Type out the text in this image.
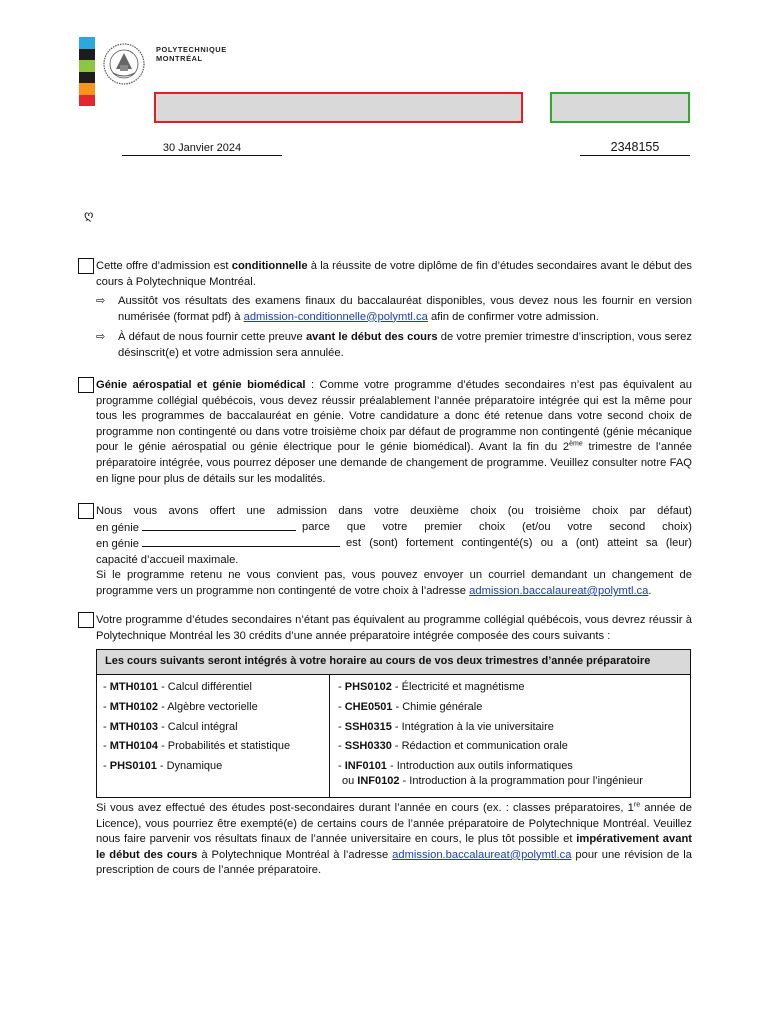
POLYTECHNIQUE
MONTRÉAL
30 Janvier 2024	2348155
ღ
Cette offre d’admission est conditionnelle à la réussite de votre diplôme de fin d’études secondaires avant le début des cours à Polytechnique Montréal.
⇨	Aussitôt vos résultats des examens finaux du baccalauréat disponibles, vous devez nous les fournir en version numérisée (format pdf) à admission-conditionnelle@polymtl.ca afin de confirmer votre admission.
⇨	À défaut de nous fournir cette preuve avant le début des cours de votre premier trimestre d’inscription, vous serez désinscrit(e) et votre admission sera annulée.
Génie aérospatial et génie biomédical : Comme votre programme d’études secondaires n’est pas équivalent au programme collégial québécois, vous devez réussir préalablement l’année préparatoire intégrée qui est la même pour tous les programmes de baccalauréat en génie. Votre candidature a donc été retenue dans votre second choix de programme non contingenté ou dans votre troisième choix par défaut de programme non contingenté (génie mécanique pour le génie aérospatial ou génie électrique pour le génie biomédical). Avant la fin du 2ème trimestre de l’année préparatoire intégrée, vous pourrez déposer une demande de changement de programme. Veuillez consulter notre FAQ en ligne pour plus de détails sur les modalités.
Nous vous avons offert une admission dans votre deuxième choix (ou troisième choix par défaut)
en génie	parce que votre premier choix (et/ou votre second choix)
en génie	est (sont) fortement contingenté(s) ou a (ont) atteint sa (leur)
capacité d’accueil maximale.
Si le programme retenu ne vous convient pas, vous pouvez envoyer un courriel demandant un changement de programme vers un programme non contingenté de votre choix à l’adresse admission.baccalaureat@polymtl.ca.
Votre programme d’études secondaires n’étant pas équivalent au programme collégial québécois, vous devrez réussir à Polytechnique Montréal les 30 crédits d’une année préparatoire intégrée composée des cours suivants :
Les cours suivants seront intégrés à votre horaire au cours de vos deux trimestres d’année préparatoire
- MTH0101 - Calcul différentiel
- MTH0102 - Algèbre vectorielle
- MTH0103 - Calcul intégral
- MTH0104 - Probabilités et statistique
- PHS0101 - Dynamique
- PHS0102 - Électricité et magnétisme
- CHE0501 - Chimie générale
- SSH0315 - Intégration à la vie universitaire
- SSH0330 - Rédaction et communication orale
- INF0101 - Introduction aux outils informatiques
ou INF0102 - Introduction à la programmation pour l’ingénieur
Si vous avez effectué des études post-secondaires durant l’année en cours (ex. : classes préparatoires, 1re année de Licence), vous pourriez être exempté(e) de certains cours de l’année préparatoire de Polytechnique Montréal. Veuillez nous faire parvenir vos résultats finaux de l’année universitaire en cours, le plus tôt possible et impérativement avant le début des cours à Polytechnique Montréal à l’adresse admission.baccalaureat@polymtl.ca pour une révision de la prescription de cours de l’année préparatoire.
